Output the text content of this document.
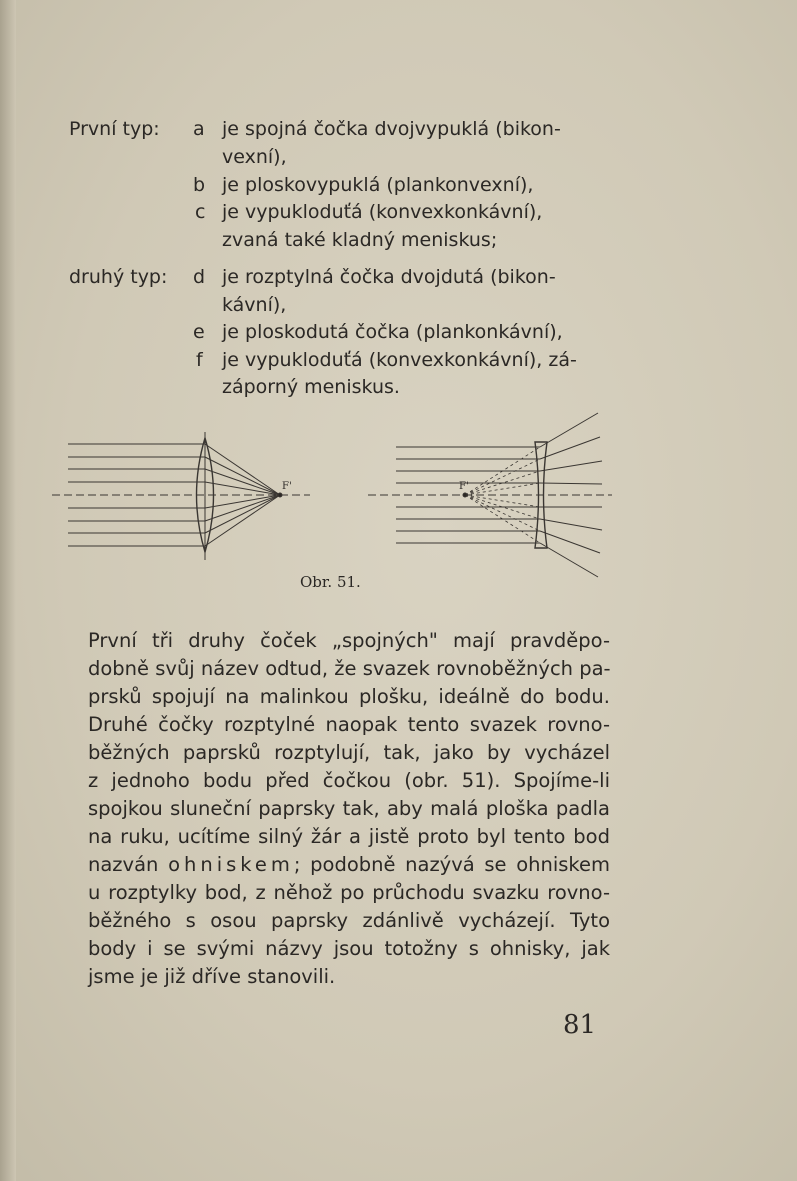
První typ: a je spojná čočka dvojvypuklá (bikon-
vexní),
b je ploskovypuklá (plankonvexní),
c je vypukloduťá (konvexkonkávní),
zvaná také kladný meniskus;
druhý typ: d je rozptylná čočka dvojdutá (bikon-
kávní),
e je ploskodutá čočka (plankonkávní),
f je vypukloduťá (konvexkonkávní), zá-
záporný meniskus.
F'	F'
Obr. 51.
První tři druhy čoček „spojných" mají pravděpo-
dobně svůj název odtud, že svazek rovnoběžných pa-
prsků spojují na malinkou plošku, ideálně do bodu.
Druhé čočky rozptylné naopak tento svazek rovno-
běžných paprsků rozptylují, tak, jako by vycházel
z jednoho bodu před čočkou (obr. 51). Spojíme-li
spojkou sluneční paprsky tak, aby malá ploška padla
na ruku, ucítíme silný žár a jistě proto byl tento bod
nazván ohniskem; podobně nazývá se ohniskem
u rozptylky bod, z něhož po průchodu svazku rovno-
běžného s osou paprsky zdánlivě vycházejí. Tyto
body i se svými názvy jsou totožny s ohnisky, jak
jsme je již dříve stanovili.
81
